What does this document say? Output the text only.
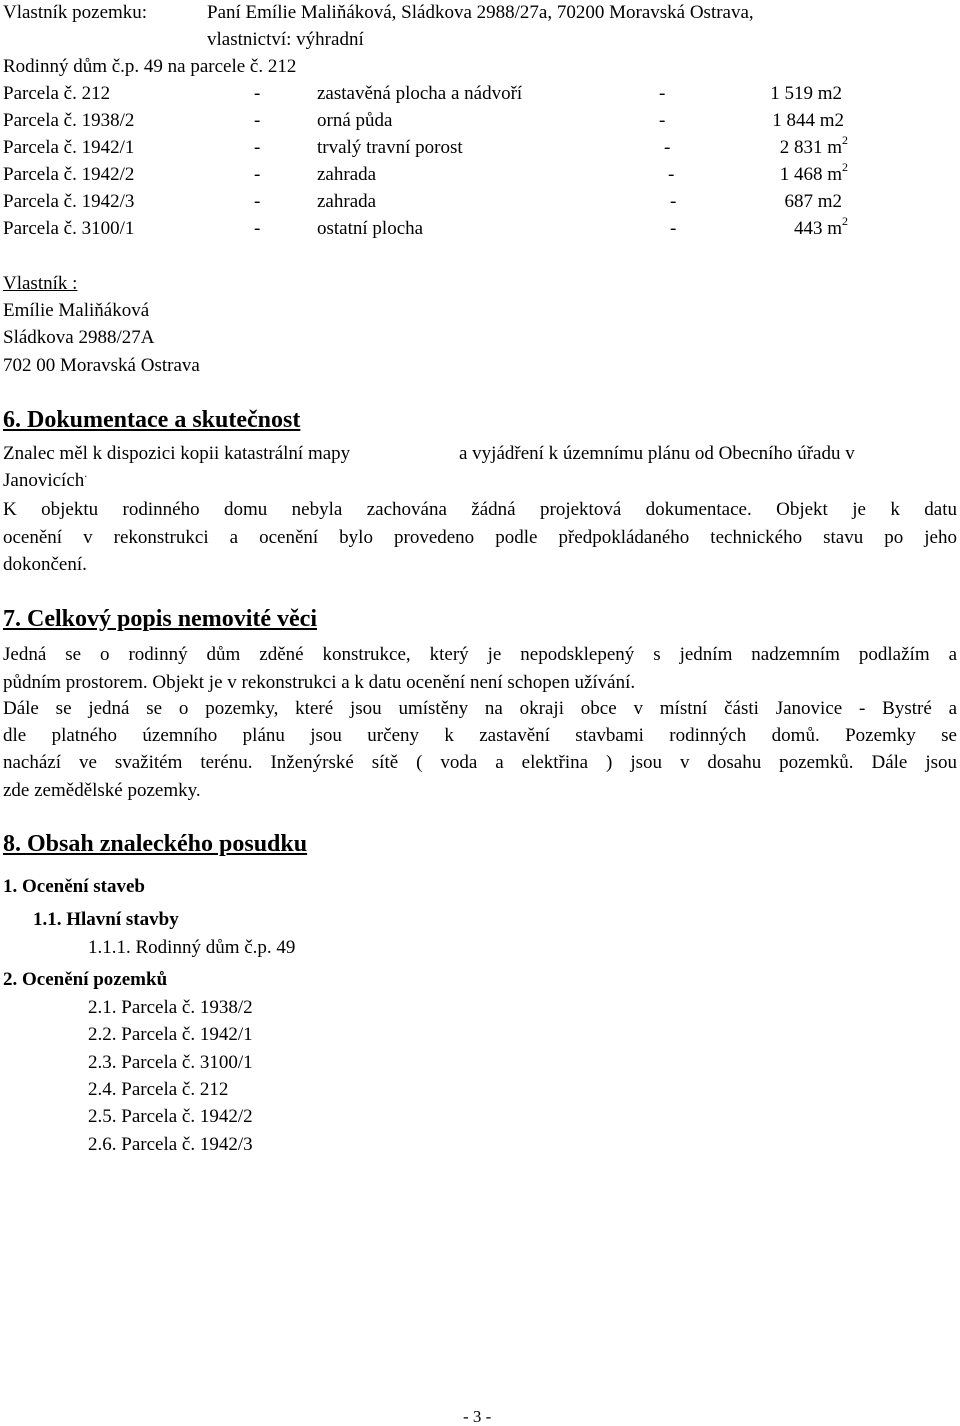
Vlastník pozemku:	Paní Emílie Maliňáková, Sládkova 2988/27a, 70200 Moravská Ostrava,
vlastnictví: výhradní
Rodinný dům č.p. 49 na parcele č. 212
Parcela č. 212	-	zastavěná plocha a nádvoří	-	1 519 m2
Parcela č. 1938/2	-	orná půda	-	1 844 m2
Parcela č. 1942/1	-	trvalý travní porost	-	2 831 $m^2$
Parcela č. 1942/2	-	zahrada	-	1 468 $m^2$
Parcela č. 1942/3	-	zahrada	-	687 m2
Parcela č. 3100/1	-	ostatní plocha	-	443 $m^2$
Vlastník :
Emílie Maliňáková
Sládkova 2988/27A
702 00 Moravská Ostrava
6. Dokumentace a skutečnost
Znalec měl k dispozici kopii katastrální mapy	a vyjádření k územnímu plánu od Obecního úřadu v
Janovicích.
K objektu rodinného domu nebyla zachována žádná projektová dokumentace. Objekt je k datu
ocenění v rekonstrukci a ocenění bylo provedeno podle předpokládaného technického stavu po jeho
dokončení.
7. Celkový popis nemovité věci
Jedná se o rodinný dům zděné konstrukce, který je nepodsklepený s jedním nadzemním podlažím a
půdním prostorem. Objekt je v rekonstrukci a k datu ocenění není schopen užívání.
Dále se jedná se o pozemky, které jsou umístěny na okraji obce v místní části Janovice - Bystré a
dle platného územního plánu jsou určeny k zastavění stavbami rodinných domů. Pozemky se
nachází ve svažitém terénu. Inženýrské sítě ( voda a elektřina ) jsou v dosahu pozemků. Dále jsou
zde zemědělské pozemky.
8. Obsah znaleckého posudku
1. Ocenění staveb
1.1. Hlavní stavby
1.1.1. Rodinný dům č.p. 49
2. Ocenění pozemků
2.1. Parcela č. 1938/2
2.2. Parcela č. 1942/1
2.3. Parcela č. 3100/1
2.4. Parcela č. 212
2.5. Parcela č. 1942/2
2.6. Parcela č. 1942/3
- 3 -
